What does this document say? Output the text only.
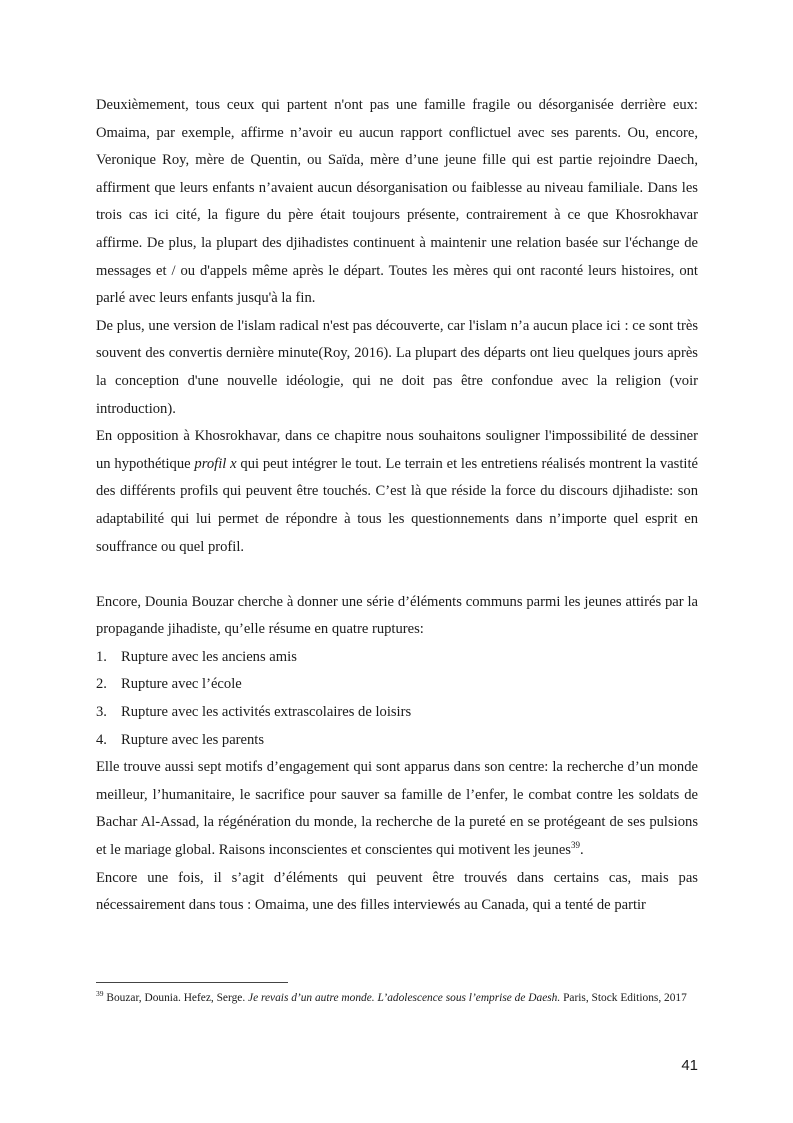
Deuxièmement, tous ceux qui partent n'ont pas une famille fragile ou désorganisée derrière eux: Omaima, par exemple, affirme n’avoir eu aucun rapport conflictuel avec ses parents. Ou, encore, Veronique Roy, mère de Quentin, ou Saïda, mère d’une jeune fille qui est partie rejoindre Daech, affirment que leurs enfants n’avaient aucun désorganisation ou faiblesse au niveau familiale. Dans les trois cas ici cité, la figure du père était toujours présente, contrairement à ce que Khosrokhavar affirme. De plus, la plupart des djihadistes continuent à maintenir une relation basée sur l'échange de messages et / ou d'appels même après le départ. Toutes les mères qui ont raconté leurs histoires, ont parlé avec leurs enfants jusqu'à la fin.

De plus, une version de l'islam radical n'est pas découverte, car l'islam n’a aucun place ici : ce sont très souvent des convertis dernière minute(Roy, 2016). La plupart des départs ont lieu quelques jours après la conception d'une nouvelle idéologie, qui ne doit pas être confondue avec la religion (voir introduction).

En opposition à Khosrokhavar, dans ce chapitre nous souhaitons souligner l'impossibilité de dessiner un hypothétique profil x qui peut intégrer le tout. Le terrain et les entretiens réalisés montrent la vastité des différents profils qui peuvent être touchés. C’est là que réside la force du discours djihadiste: son adaptabilité qui lui permet de répondre à tous les questionnements dans n’importe quel esprit en souffrance ou quel profil.

Encore, Dounia Bouzar cherche à donner une série d’éléments communs parmi les jeunes attirés par la propagande jihadiste, qu’elle résume en quatre ruptures:

1. Rupture avec les anciens amis
2. Rupture avec l’école
3. Rupture avec les activités extrascolaires de loisirs
4. Rupture avec les parents

Elle trouve aussi sept motifs d’engagement qui sont apparus dans son centre: la recherche d’un monde meilleur, l’humanitaire, le sacrifice pour sauver sa famille de l’enfer, le combat contre les soldats de Bachar Al-Assad, la régénération du monde, la recherche de la pureté en se protégeant de ses pulsions et le mariage global. Raisons inconscientes et conscientes qui motivent les jeunes$^{39}$.

Encore une fois, il s’agit d’éléments qui peuvent être trouvés dans certains cas, mais pas nécessairement dans tous : Omaima, une des filles interviewés au Canada, qui a tenté de partir

$^{39}$ Bouzar, Dounia. Hefez, Serge. Je revais d’un autre monde. L’adolescence sous l’emprise de Daesh. Paris, Stock Editions, 2017

41
